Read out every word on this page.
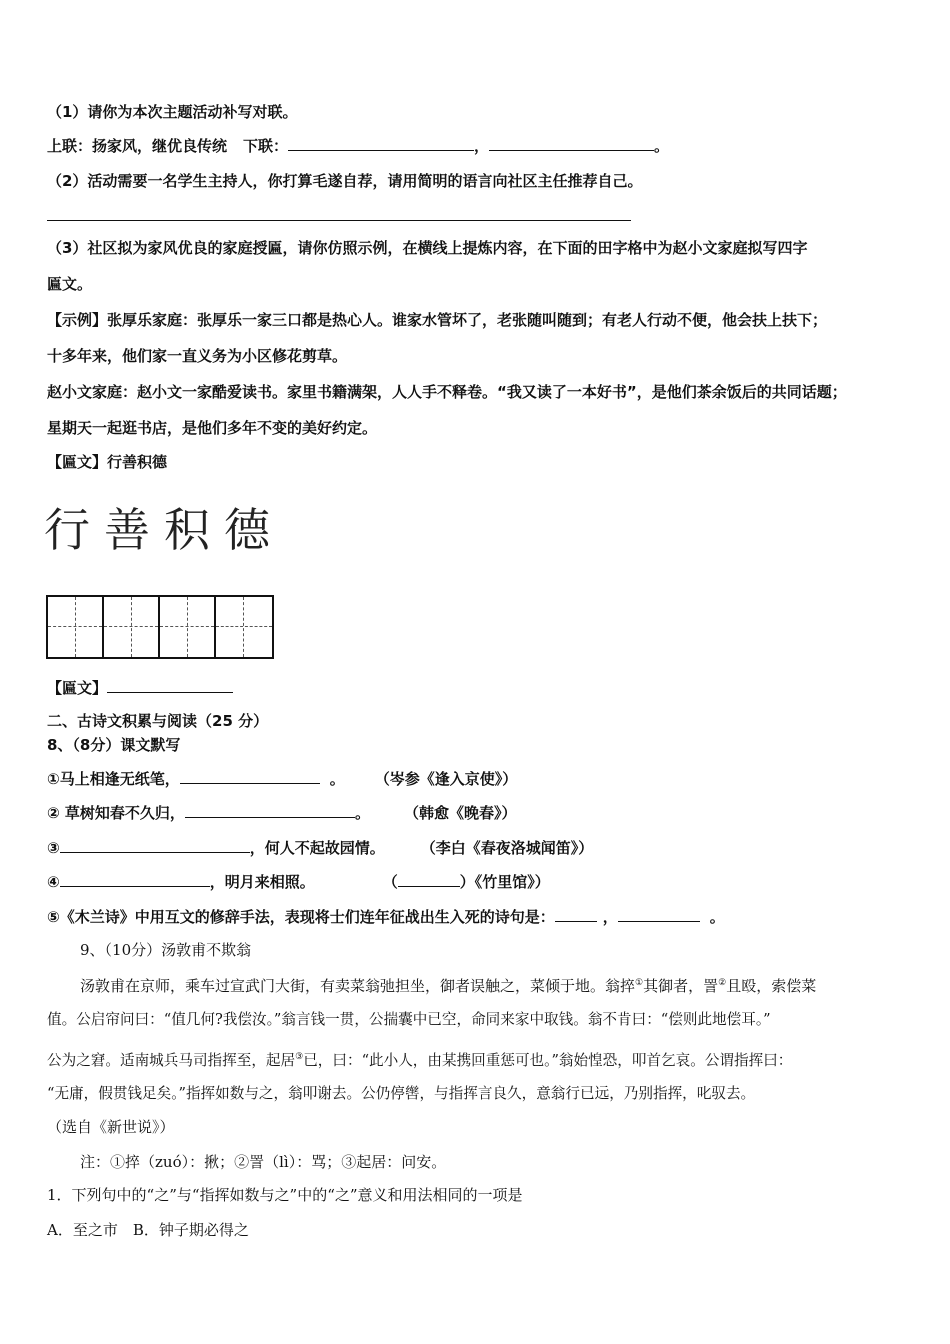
（1）请你为本次主题活动补写对联。
上联：扬家风，继优良传统 下联：	，	。
（2）活动需要一名学生主持人，你打算毛遂自荐，请用简明的语言向社区主任推荐自己。
（3）社区拟为家风优良的家庭授匾，请你仿照示例，在横线上提炼内容，在下面的田字格中为赵小文家庭拟写四字
匾文。
【示例】张厚乐家庭：张厚乐一家三口都是热心人。谁家水管坏了，老张随叫随到；有老人行动不便，他会扶上扶下；
十多年来，他们家一直义务为小区修花剪草。
赵小文家庭：赵小文一家酷爱读书。家里书籍满架，人人手不释卷。“我又读了一本好书”，是他们茶余饭后的共同话题；
星期天一起逛书店，是他们多年不变的美好约定。
【匾文】行善积德
行善积德
【匾文】
二、古诗文积累与阅读（25 分）
8、（8分）课文默写
①马上相逢无纸笔，	。 （岑参《逢入京使》）
② 草树知春不久归，	。 （韩愈《晚春》）
③	，何人不起故园情。 （李白《春夜洛城闻笛》）
④	，明月来相照。	（	）《竹里馆》）
⑤《木兰诗》中用互文的修辞手法，表现将士们连年征战出生入死的诗句是：	，	。
9、（10分）汤敦甫不欺翁
汤敦甫在京师，乘车过宣武门大街，有卖菜翁弛担坐，御者误触之，菜倾于地。翁捽①其御者，詈②且殴，索偿菜
值。公启帘问曰：“值几何?我偿汝。”翁言钱一贯，公揣囊中已空，命同来家中取钱。翁不肯曰：“偿则此地偿耳。”
公为之窘。适南城兵马司指挥至，起居③已，曰：“此小人，由某携回重惩可也。”翁始惶恐，叩首乞哀。公谓指挥曰：
“无庸，假贯钱足矣。”指挥如数与之，翁叩谢去。公仍停辔，与指挥言良久，意翁行已远，乃别指挥，叱驭去。
（选自《新世说》）
注：①捽（zuó）：揪；②詈（lì）：骂；③起居：问安。
1．下列句中的“之”与“指挥如数与之”中的“之”意义和用法相同的一项是
A．至之市　B．钟子期必得之
